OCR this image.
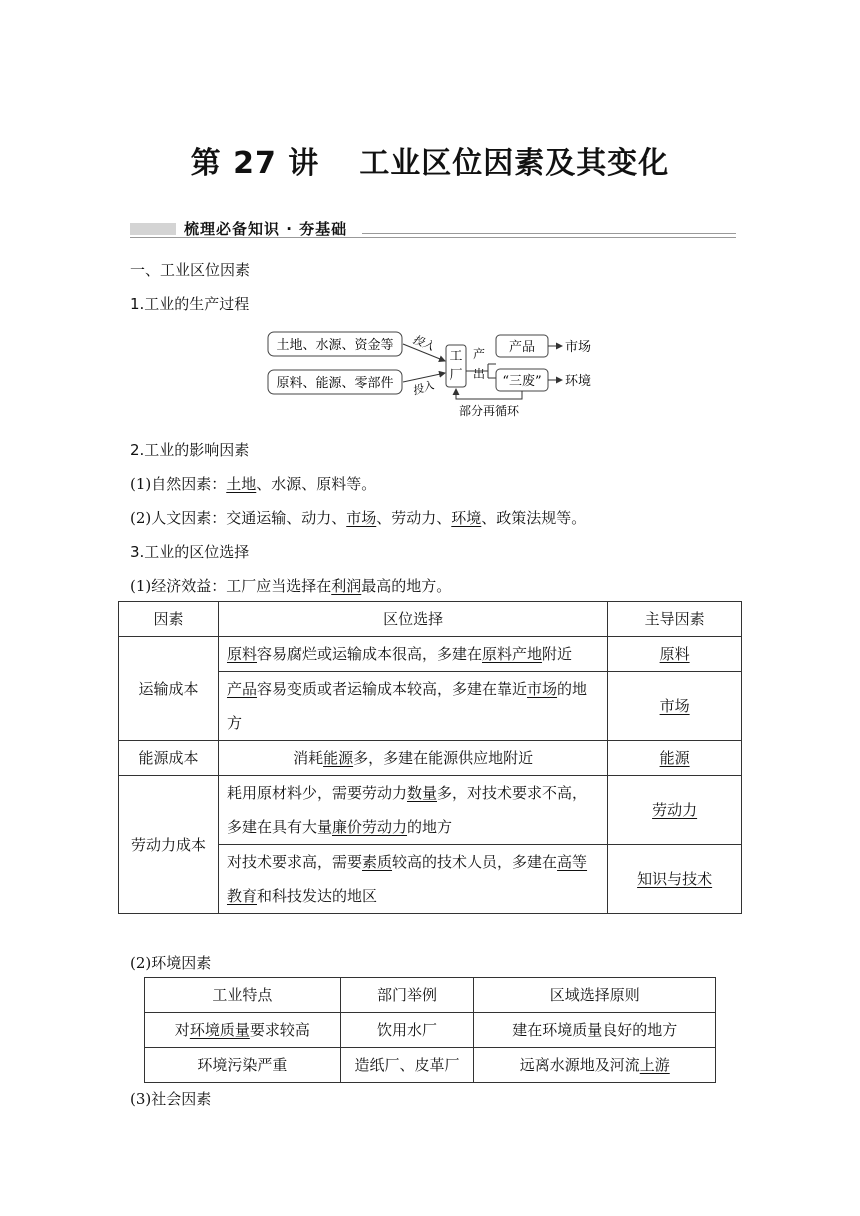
第 27 讲 工业区位因素及其变化
梳理必备知识 · 夯基础
一、工业区位因素
1.工业的生产过程
土地、水源、资金等
原料、能源、零部件
投入
投入
工
厂
产
出
产品
“三废”
市场
环境
部分再循环
2.工业的影响因素
(1)自然因素：土地、水源、原料等。
(2)人文因素：交通运输、动力、市场、劳动力、环境、政策法规等。
3.工业的区位选择
(1)经济效益：工厂应当选择在利润最高的地方。
因素	区位选择	主导因素
运输成本	原料容易腐烂或运输成本很高，多建在原料产地附近	原料
	产品容易变质或者运输成本较高，多建在靠近市场的地方	市场
能源成本	消耗能源多，多建在能源供应地附近	能源
劳动力成本	耗用原材料少，需要劳动力数量多，对技术要求不高，多建在具有大量廉价劳动力的地方	劳动力
	对技术要求高，需要素质较高的技术人员，多建在高等教育和科技发达的地区	知识与技术
(2)环境因素
工业特点	部门举例	区域选择原则
对环境质量要求较高	饮用水厂	建在环境质量良好的地方
环境污染严重	造纸厂、皮革厂	远离水源地及河流上游
(3)社会因素
